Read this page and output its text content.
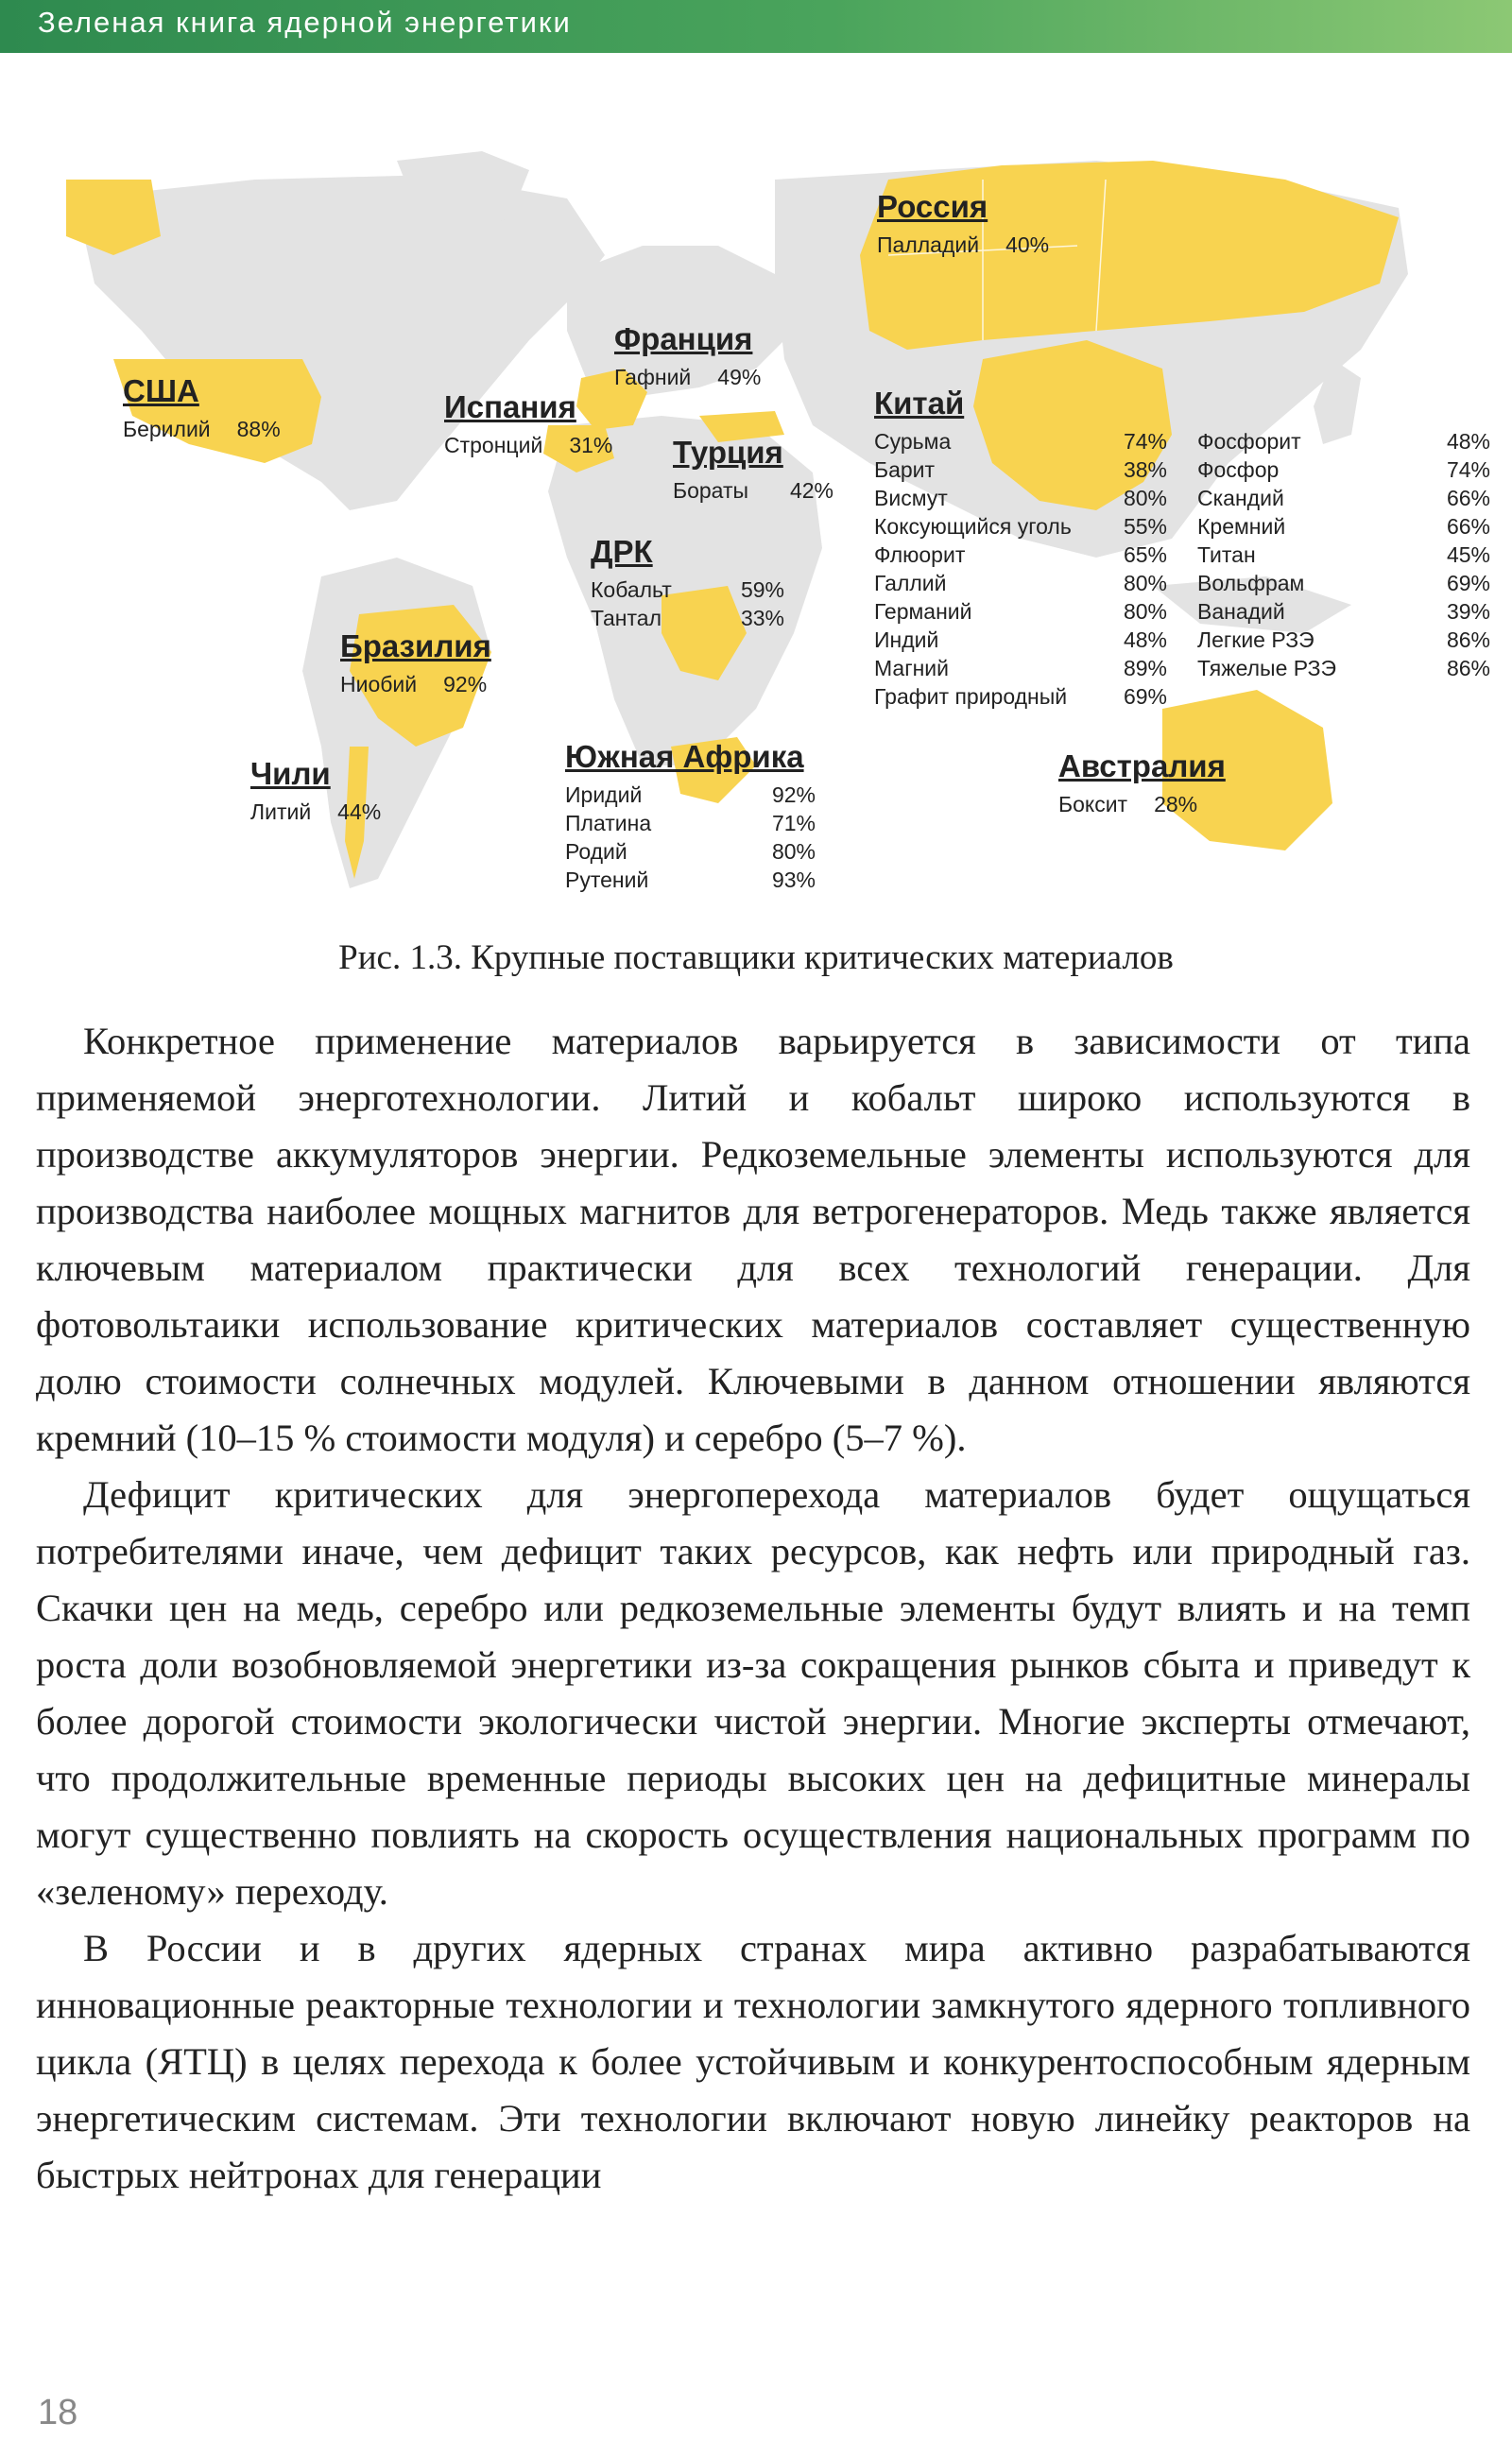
Зеленая книга ядерной энергетики
Россия
Палладий 40%
США
Берилий 88%
Франция
Гафний 49%
Испания
Стронций 31% Турция
Бораты	42%
ДРК
Кобальт	59%
Тантал	33%
Бразилия
Ниобий 92%
Чили
Литий 44%
Южная Африка
Иридий	92%
Платина	71%
Родий	80%
Рутений	93%
Австралия
Боксит 28%
Китай
Сурьма	74%
Барит	38%
Висмут	80%
Коксующийся уголь	55%
Флюорит	65%
Галлий	80%
Германий	80%
Индий	48%
Магний	89%
Графит природный	69%
Фосфорит	48%
Фосфор	74%
Скандий	66%
Кремний	66%
Титан	45%
Вольфрам	69%
Ванадий	39%
Легкие РЗЭ	86%
Тяжелые РЗЭ	86%
Рис. 1.3. Крупные поставщики критических материалов

Конкретное применение материалов варьируется в зависимости от типа применяемой энерготехнологии. Литий и кобальт широко используются в производстве аккумуляторов энергии. Редкоземельные элементы используются для производства наиболее мощных магнитов для ветрогенераторов. Медь также является ключевым материалом практически для всех технологий генерации. Для фотовольтаики использование критических материалов составляет существенную долю стоимости солнечных модулей. Ключевыми в данном отношении являются кремний (10–15 % стоимости модуля) и серебро (5–7 %).

Дефицит критических для энергоперехода материалов будет ощущаться потребителями иначе, чем дефицит таких ресурсов, как нефть или природный газ. Скачки цен на медь, серебро или редкоземельные элементы будут влиять и на темп роста доли возобновляемой энергетики из-за сокращения рынков сбыта и приведут к более дорогой стоимости экологически чистой энергии. Многие эксперты отмечают, что продолжительные временные периоды высоких цен на дефицитные минералы могут существенно повлиять на скорость осуществления национальных программ по «зеленому» переходу.

В России и в других ядерных странах мира активно разрабатываются инновационные реакторные технологии и технологии замкнутого ядерного топливного цикла (ЯТЦ) в целях перехода к более устойчивым и конкурентоспособным ядерным энергетическим системам. Эти технологии включают новую линейку реакторов на быстрых нейтронах для генерации

18
